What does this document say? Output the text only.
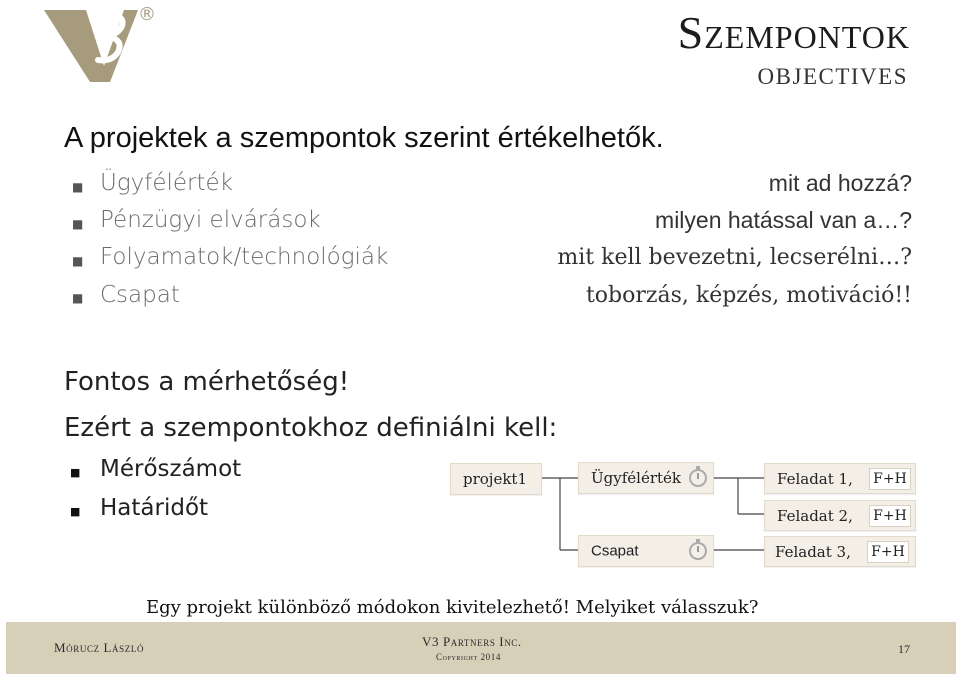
®	Szempontok
OBJECTIVES
A projektek a szempontok szerint értékelhetők.
■ Ügyfélérték	mit ad hozzá?
■ Pénzügyi elvárások	milyen hatással van a…?
■ Folyamatok/technológiák	mit kell bevezetni, lecserélni…?
■ Csapat	toborzás, képzés, motiváció!!
Fontos a mérhetőség!
Ezért a szempontokhoz definiálni kell:
■ Mérőszámot
■ Határidőt
projekt1	Ügyfélérték
Csapat
Feladat 1, F+H
Feladat 2, F+H
Feladat 3, F+H
Egy projekt különböző módokon kivitelezhető! Melyiket válasszuk?
Mórucz László	V3 Partners Inc.
Copyright 2014
17
